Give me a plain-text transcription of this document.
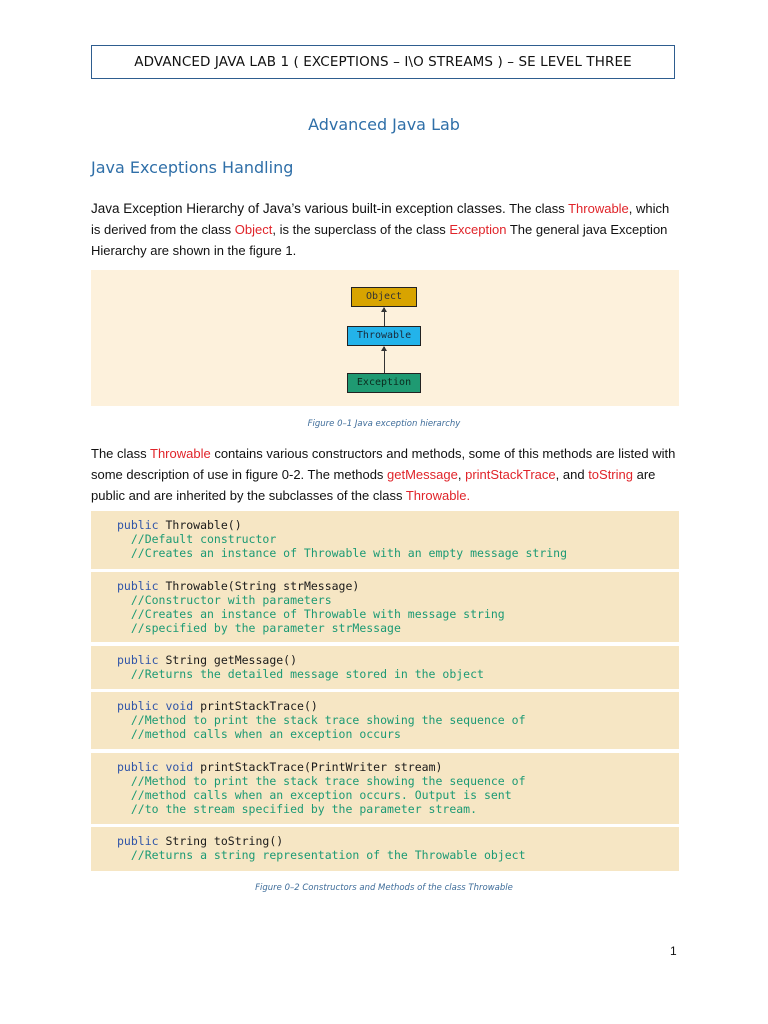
ADVANCED JAVA LAB 1 ( EXCEPTIONS – I\O STREAMS ) – SE LEVEL THREE
Advanced Java Lab
Java Exceptions Handling
Java Exception Hierarchy of Java’s various built-in exception classes. The class Throwable, which is derived from the class Object, is the superclass of the class Exception The general java Exception Hierarchy are shown in the figure 1.
Object
Throwable
Exception
Figure 0–1 Java exception hierarchy
The class Throwable contains various constructors and methods, some of this methods are listed with some description of use in figure 0-2. The methods getMessage, printStackTrace, and toString are public and are inherited by the subclasses of the class Throwable.
public Throwable()
//Default constructor
//Creates an instance of Throwable with an empty message string
public Throwable(String strMessage)
//Constructor with parameters
//Creates an instance of Throwable with message string
//specified by the parameter strMessage
public String getMessage()
//Returns the detailed message stored in the object
public void printStackTrace()
//Method to print the stack trace showing the sequence of
//method calls when an exception occurs
public void printStackTrace(PrintWriter stream)
//Method to print the stack trace showing the sequence of
//method calls when an exception occurs. Output is sent
//to the stream specified by the parameter stream.
public String toString()
//Returns a string representation of the Throwable object
Figure 0–2 Constructors and Methods of the class Throwable
1
